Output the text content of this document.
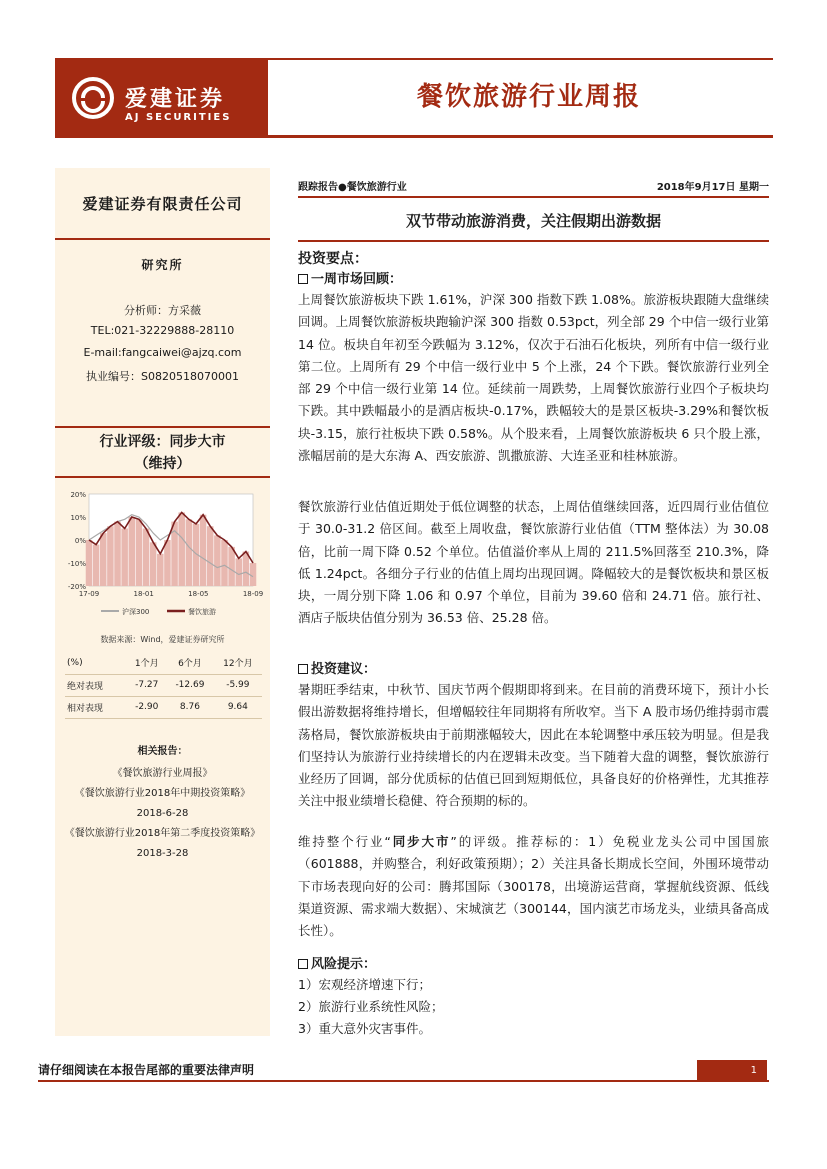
爱建证券
AJ SECURITIES
餐饮旅游行业周报
爱建证券有限责任公司
研究所
分析师：方采薇
TEL:021-32229888-28110
E-mail:fangcaiwei@ajzq.com
执业编号：S0820518070001
行业评级：同步大市
（维持）
20%
10%
0%
-10%
-20%
17-09	18-01	18-05	18-09
沪深300	餐饮旅游
数据来源：Wind，爱建证券研究所
(%)	1个月	6个月	12个月
绝对表现	-7.27	-12.69	-5.99
相对表现	-2.90	8.76	9.64
相关报告：
《餐饮旅游行业周报》
《餐饮旅游行业2018年中期投资策略》
2018-6-28
《餐饮旅游行业2018年第二季度投资策略》2018-3-28
跟踪报告●餐饮旅游行业	2018年9月17日 星期一
双节带动旅游消费，关注假期出游数据
投资要点：
一周市场回顾：
上周餐饮旅游板块下跌 1.61%，沪深 300 指数下跌 1.08%。旅游板块跟随大盘继续回调。上周餐饮旅游板块跑输沪深 300 指数 0.53pct，列全部 29 个中信一级行业第 14 位。板块自年初至今跌幅为 3.12%，仅次于石油石化板块，列所有中信一级行业第二位。上周所有 29 个中信一级行业中 5 个上涨，24 个下跌。餐饮旅游行业列全部 29 个中信一级行业第 14 位。延续前一周跌势，上周餐饮旅游行业四个子板块均下跌。其中跌幅最小的是酒店板块-0.17%，跌幅较大的是景区板块-3.29%和餐饮板块-3.15，旅行社板块下跌 0.58%。从个股来看，上周餐饮旅游板块 6 只个股上涨，涨幅居前的是大东海 A、西安旅游、凯撒旅游、大连圣亚和桂林旅游。
餐饮旅游行业估值近期处于低位调整的状态，上周估值继续回落，近四周行业估值位于 30.0-31.2 倍区间。截至上周收盘，餐饮旅游行业估值（TTM 整体法）为 30.08 倍，比前一周下降 0.52 个单位。估值溢价率从上周的 211.5%回落至 210.3%，降低 1.24pct。各细分子行业的估值上周均出现回调。降幅较大的是餐饮板块和景区板块，一周分别下降 1.06 和 0.97 个单位，目前为 39.60 倍和 24.71 倍。旅行社、酒店子版块估值分别为 36.53 倍、25.28 倍。
投资建议：
暑期旺季结束，中秋节、国庆节两个假期即将到来。在目前的消费环境下，预计小长假出游数据将维持增长，但增幅较往年同期将有所收窄。当下 A 股市场仍维持弱市震荡格局，餐饮旅游板块由于前期涨幅较大，因此在本轮调整中承压较为明显。但是我们坚持认为旅游行业持续增长的内在逻辑未改变。当下随着大盘的调整，餐饮旅游行业经历了回调，部分优质标的估值已回到短期低位，具备良好的价格弹性，尤其推荐关注中报业绩增长稳健、符合预期的标的。
维持整个行业“同步大市”的评级。推荐标的：1）免税业龙头公司中国国旅（601888，并购整合，利好政策预期）；2）关注具备长期成长空间，外围环境带动下市场表现向好的公司：腾邦国际（300178，出境游运营商，掌握航线资源、低线渠道资源、需求端大数据）、宋城演艺（300144，国内演艺市场龙头，业绩具备高成长性）。
风险提示：
1）宏观经济增速下行；
2）旅游行业系统性风险；
3）重大意外灾害事件。
请仔细阅读在本报告尾部的重要法律声明	1
